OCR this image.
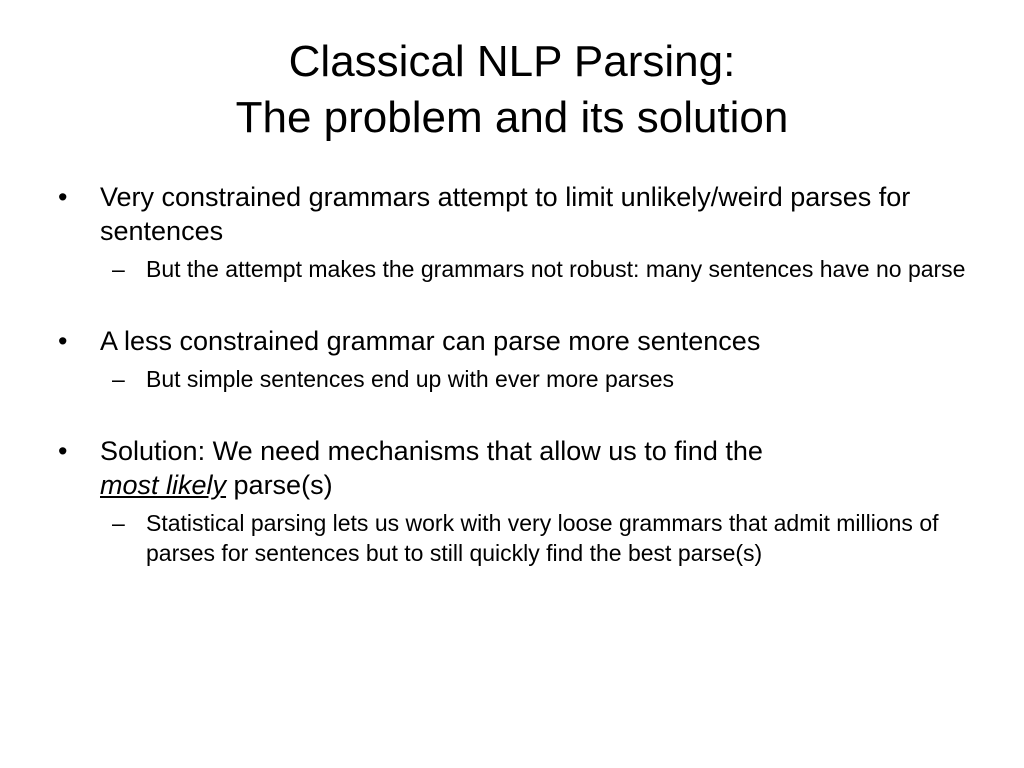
Classical NLP Parsing:
The problem and its solution
•	Very constrained grammars attempt to limit unlikely/weird parses for sentences
– But the attempt makes the grammars not robust: many sentences have no parse
•	A less constrained grammar can parse more sentences
– But simple sentences end up with ever more parses
•	Solution: We need mechanisms that allow us to find the
most likely parse(s)
– Statistical parsing lets us work with very loose grammars that admit millions of parses for sentences but to still quickly find the best parse(s)
